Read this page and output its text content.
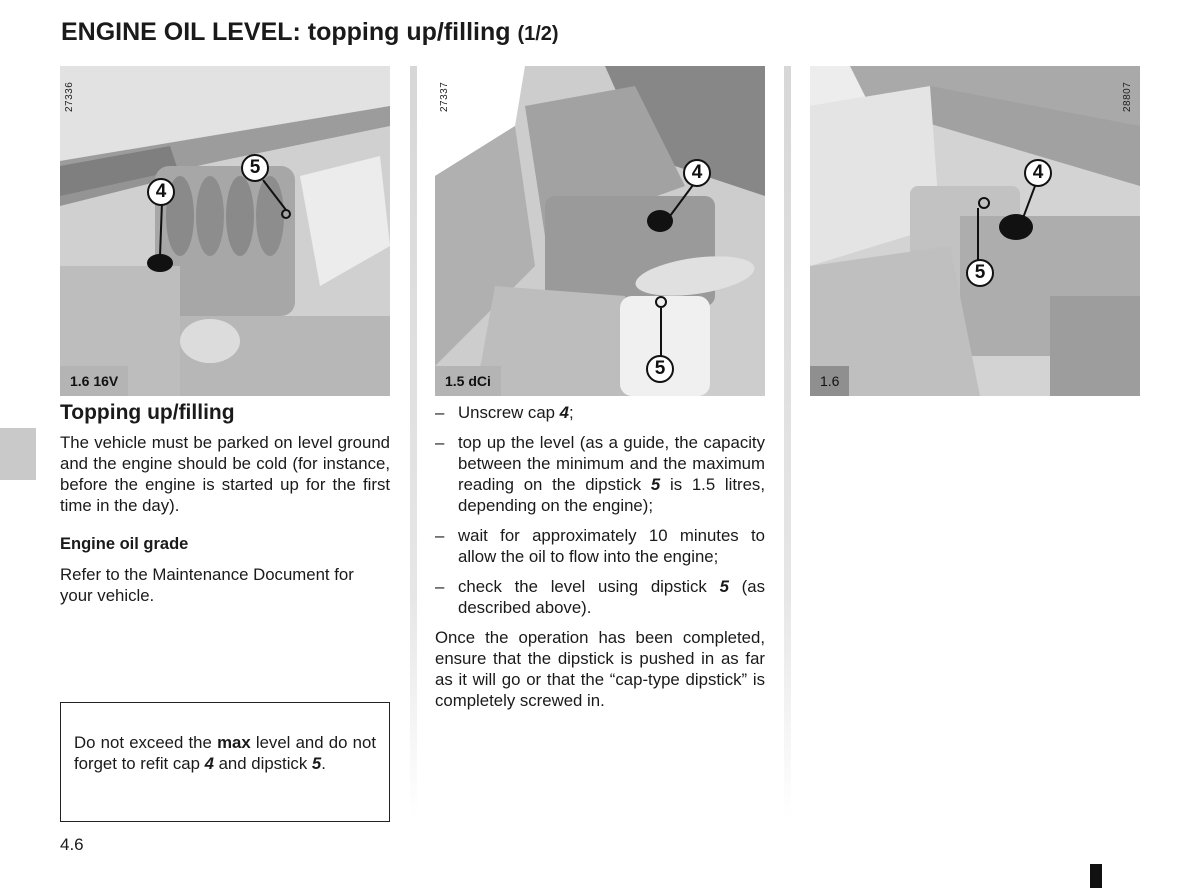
ENGINE OIL LEVEL: topping up/filling (1/2)
27336
4
5
1.6 16V
27337
4
5
1.5 dCi
28807
4
5
1.6
Topping up/filling

The vehicle must be parked on level ground and the engine should be cold (for instance, before the engine is started up for the first time in the day).

Engine oil grade

Refer to the Maintenance Document for your vehicle.

Do not exceed the max level and do not forget to refit cap 4 and dipstick 5.
– Unscrew cap 4;
– top up the level (as a guide, the capacity between the minimum and the maximum reading on the dipstick 5 is 1.5 litres, depending on the engine);
– wait for approximately 10 minutes to allow the oil to flow into the engine;
– check the level using dipstick 5 (as described above).

Once the operation has been completed, ensure that the dipstick is pushed in as far as it will go or that the “cap-type dipstick” is completely screwed in.

4.6
